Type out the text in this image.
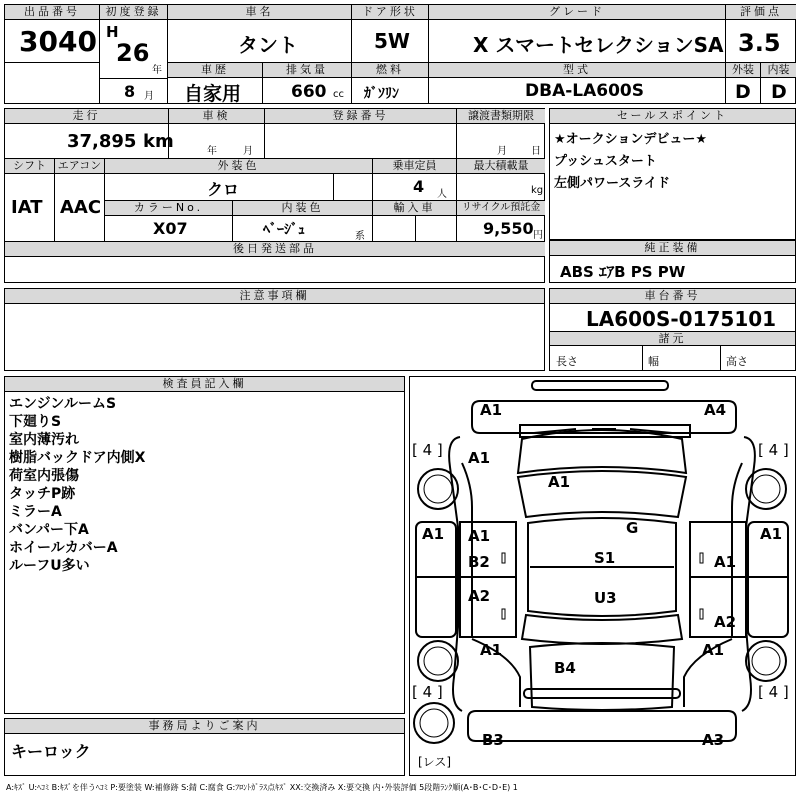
出品番号
3040
初度登録
H
26
年
8 月
車名
タント
ドア形状
5W
グレード
X スマートセレクションSA
評価点
3.5
車歴
自家用
排気量
660 cc
燃料
ｶﾞｿﾘﾝ
型式
DBA-LA600S
外装
D
内装
D
走行
37,895 km
車検
年	月
登録番号	譲渡書類期限
月 日
シフト
IAT
エアコン
AAC
外装色
クロ
乗車定員
4 人
最大積載量
kg
カラーNo.
X07
内装色
ﾍﾞｰｼﾞｭ	系
輸入車	リサイクル預託金
9,550 円
後日発送部品
セールスポイント
★オークションデビュー★
プッシュスタート
左側パワースライド
純正装備
ABS ｴｱB PS PW
注意事項欄	車台番号
LA600S-0175101
諸元
長さ	幅	高さ
検査員記入欄
エンジンルームS
下廻りS
室内薄汚れ
樹脂バックドア内側X
荷室内張傷
タッチP跡
ミラーA
バンパー下A
ホイールカバーA
ルーフU多い
事務局よりご案内
キーロック
A1	A4
A1
A1
A1	A1
A1
B2
G
S1
U3
A1
A2
A2
A1	A1
B4
B3	A3
[ 4 ]	[ 4 ]
[ 4 ]	[ 4 ]
[レス]
A:ｷｽﾞ U:ﾍｺﾐ B:ｷｽﾞを伴うﾍｺﾐ P:要塗装 W:補修跡 S:錆 C:腐食 G:ﾌﾛﾝﾄｶﾞﾗｽ点ｷｽﾞ XX:交換済み X:要交換 内･外装評価 5段階ﾗﾝｸ順(A･B･C･D･E) 1
